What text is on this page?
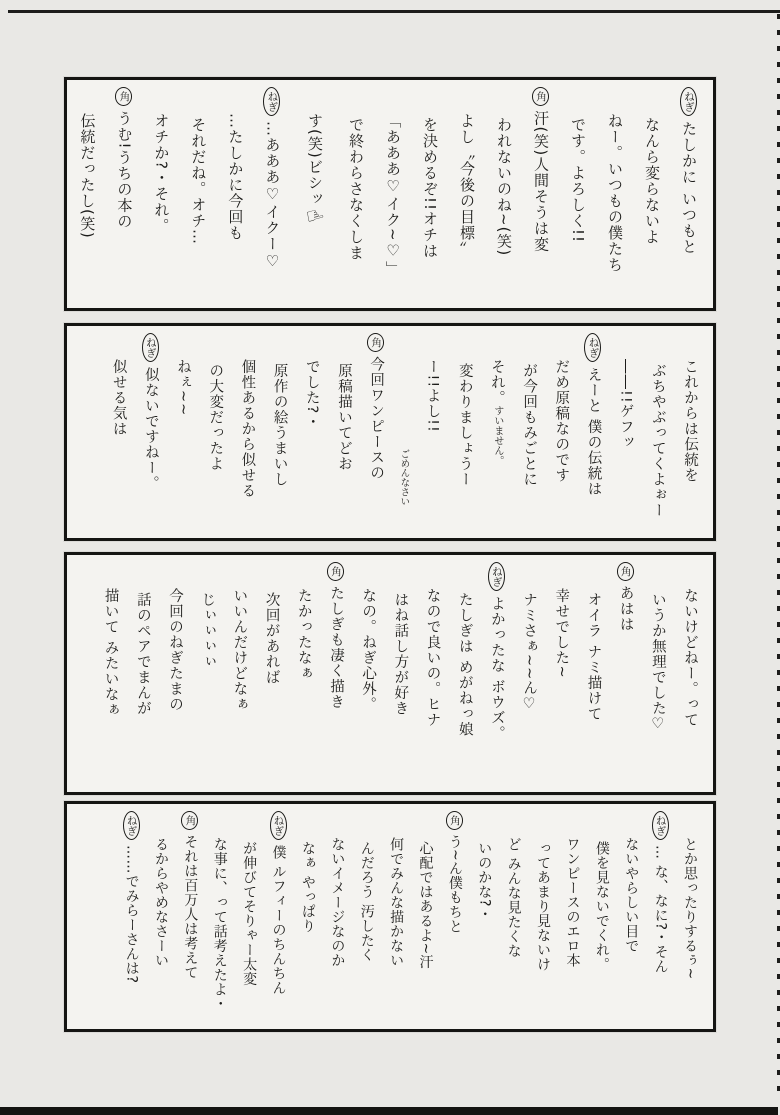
ねぎたしかに いつもと
なんら変らないよ
ねー。いつもの僕たち
です。よろしく!!
角汗(笑)人間そうは変
われないのね~(笑)
よし〝今後の目標〟
を決めるぞ!!オチは
「あああ♡イク~♡」
で終わらさなくしま
す(笑)ビシッ☝
ねぎ…あああ♡イクー♡
…たしかに今回も
それだね。オチ…
オチか?・それ。
角うむ!うちの本の
伝統だったし(笑)
これからは伝統を
ぶちやぶってくよぉー
――!!ゲフッ
ねぎえーと 僕の伝統は
だめ原稿なのです
が今回もみごとに
それ。すいません。
変わりましょうー
ー!!よし!!
ごめんなさい
角今回ワンピースの
原稿描いてどお
でした?・
原作の絵うまいし
個性あるから似せる
の大変だったよ
ねぇ~~
ねぎ似ないですねー。
似せる気は
ないけどねー。って
いうか無理でした♡
角あはは
オイラ ナミ描けて
幸せでした~
ナミさぁ~~ん♡
ねぎよかったな ボウズ。
たしぎは めがねっ娘
なので良いの。ヒナ
はね話し方が好き
なの。ねぎ心外。
角たしぎも凄く描き
たかったなぁ
次回があれば
いいんだけどなぁ
じぃぃぃぃ
今回のねぎたまの
話のペアでまんが
描いて みたいなぁ
とか思ったりするぅ~
ねぎ… な、なに?・そん
ないやらしい目で
僕を見ないでくれ。
ワンピースのエロ本
ってあまり見ないけ
ど みんな見たくな
いのかな?・
角う~ん僕もちと
心配ではあるよ~汗
何でみんな描かない
んだろう 汚したく
ないイメージなのか
なぁ やっぱり
ねぎ僕 ルフィーのちんちん
が伸びてそりゃー太変
な事に、って話考えたよ・
角それは百万人は考えて
るからやめなさーい
ねぎ……でみらーさんは?
